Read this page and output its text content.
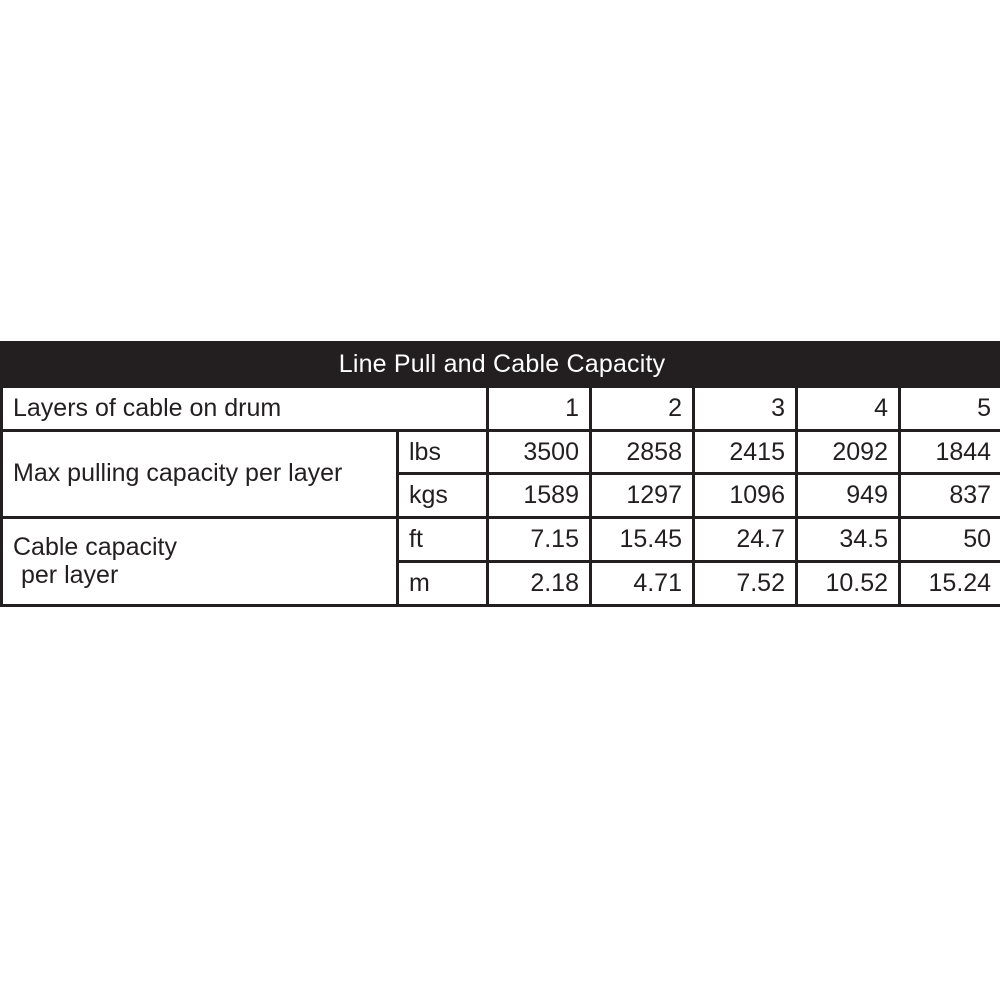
Line Pull and Cable Capacity						
Layers of cable on drum		1	2	3	4	5
Max pulling capacity per layer	lbs	3500	2858	2415	2092	1844
	kgs	1589	1297	1096	949	837
Cable capacity
per layer	ft	7.15	15.45	24.7	34.5	50
	m	2.18	4.71	7.52	10.52	15.24
